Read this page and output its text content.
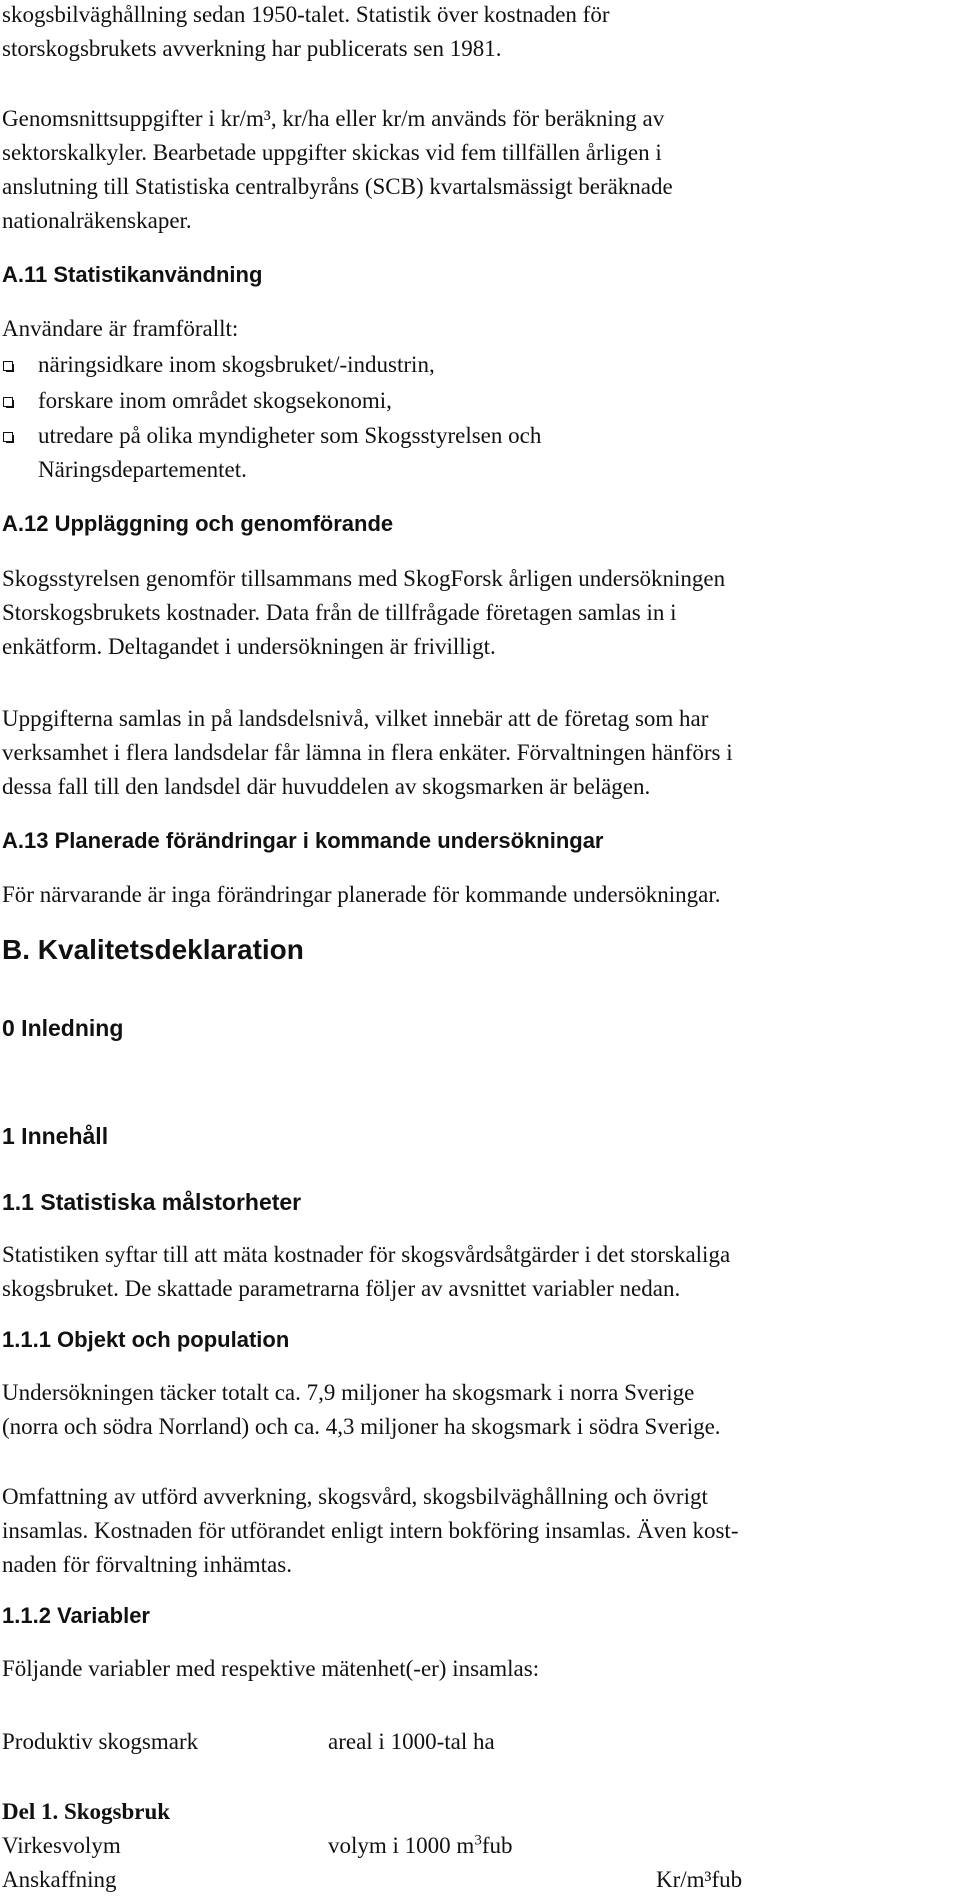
skogsbilväghållning sedan 1950-talet. Statistik över kostnaden för

storskogsbrukets avverkning har publicerats sen 1981.

Genomsnittsuppgifter i kr/m³, kr/ha eller kr/m används för beräkning av

sektorskalkyler. Bearbetade uppgifter skickas vid fem tillfällen årligen i

anslutning till Statistiska centralbyråns (SCB) kvartalsmässigt beräknade

nationalräkenskaper.

A.11 Statistikanvändning

Användare är framförallt:

näringsidkare inom skogsbruket/-industrin,

forskare inom området skogsekonomi,

utredare på olika myndigheter som Skogsstyrelsen och

Näringsdepartementet.

A.12 Uppläggning och genomförande

Skogsstyrelsen genomför tillsammans med SkogForsk årligen undersökningen

Storskogsbrukets kostnader. Data från de tillfrågade företagen samlas in i

enkätform. Deltagandet i undersökningen är frivilligt.

Uppgifterna samlas in på landsdelsnivå, vilket innebär att de företag som har

verksamhet i flera landsdelar får lämna in flera enkäter. Förvaltningen hänförs i

dessa fall till den landsdel där huvuddelen av skogsmarken är belägen.

A.13 Planerade förändringar i kommande undersökningar

För närvarande är inga förändringar planerade för kommande undersökningar.

B. Kvalitetsdeklaration
0 Inledning
1 Innehåll
1.1 Statistiska målstorheter

Statistiken syftar till att mäta kostnader för skogsvårdsåtgärder i det storskaliga

skogsbruket. De skattade parametrarna följer av avsnittet variabler nedan.

1.1.1 Objekt och population

Undersökningen täcker totalt ca. 7,9 miljoner ha skogsmark i norra Sverige

(norra och södra Norrland) och ca. 4,3 miljoner ha skogsmark i södra Sverige.

Omfattning av utförd avverkning, skogsvård, skogsbilväghållning och övrigt

insamlas. Kostnaden för utförandet enligt intern bokföring insamlas. Även kost-

naden för förvaltning inhämtas.

1.1.2 Variabler

Följande variabler med respektive mätenhet(-er) insamlas:

Produktiv skogsmark	areal i 1000-tal ha

Del 1. Skogsbruk

Virkesvolym	volym i 1000 $m^3fub$

Anskaffning	Kr/m³fub
